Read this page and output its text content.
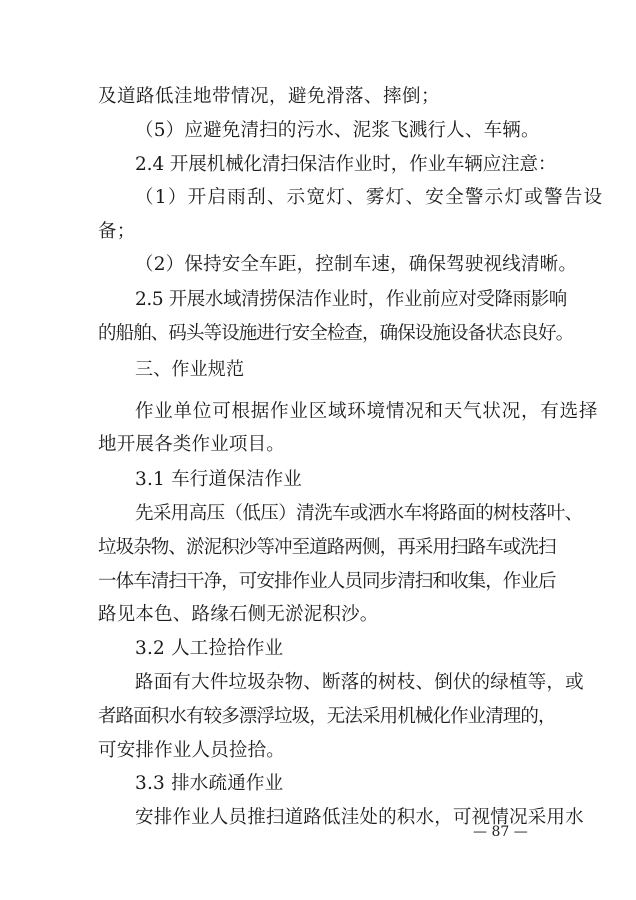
及道路低洼地带情况，避免滑落、摔倒；
（5）应避免清扫的污水、泥浆飞溅行人、车辆。
2.4 开展机械化清扫保洁作业时，作业车辆应注意：
（1）开启雨刮、示宽灯、雾灯、安全警示灯或警告设
备；
（2）保持安全车距，控制车速，确保驾驶视线清晰。
2.5 开展水域清捞保洁作业时，作业前应对受降雨影响
的船舶、码头等设施进行安全检查，确保设施设备状态良好。
三、作业规范
作业单位可根据作业区域环境情况和天气状况，有选择
地开展各类作业项目。
3.1 车行道保洁作业
先采用高压（低压）清洗车或洒水车将路面的树枝落叶、
垃圾杂物、淤泥积沙等冲至道路两侧，再采用扫路车或洗扫
一体车清扫干净，可安排作业人员同步清扫和收集，作业后
路见本色、路缘石侧无淤泥积沙。
3.2 人工捡拾作业
路面有大件垃圾杂物、断落的树枝、倒伏的绿植等，或
者路面积水有较多漂浮垃圾，无法采用机械化作业清理的，
可安排作业人员捡拾。
3.3 排水疏通作业
安排作业人员推扫道路低洼处的积水，可视情况采用水
— 87 —
